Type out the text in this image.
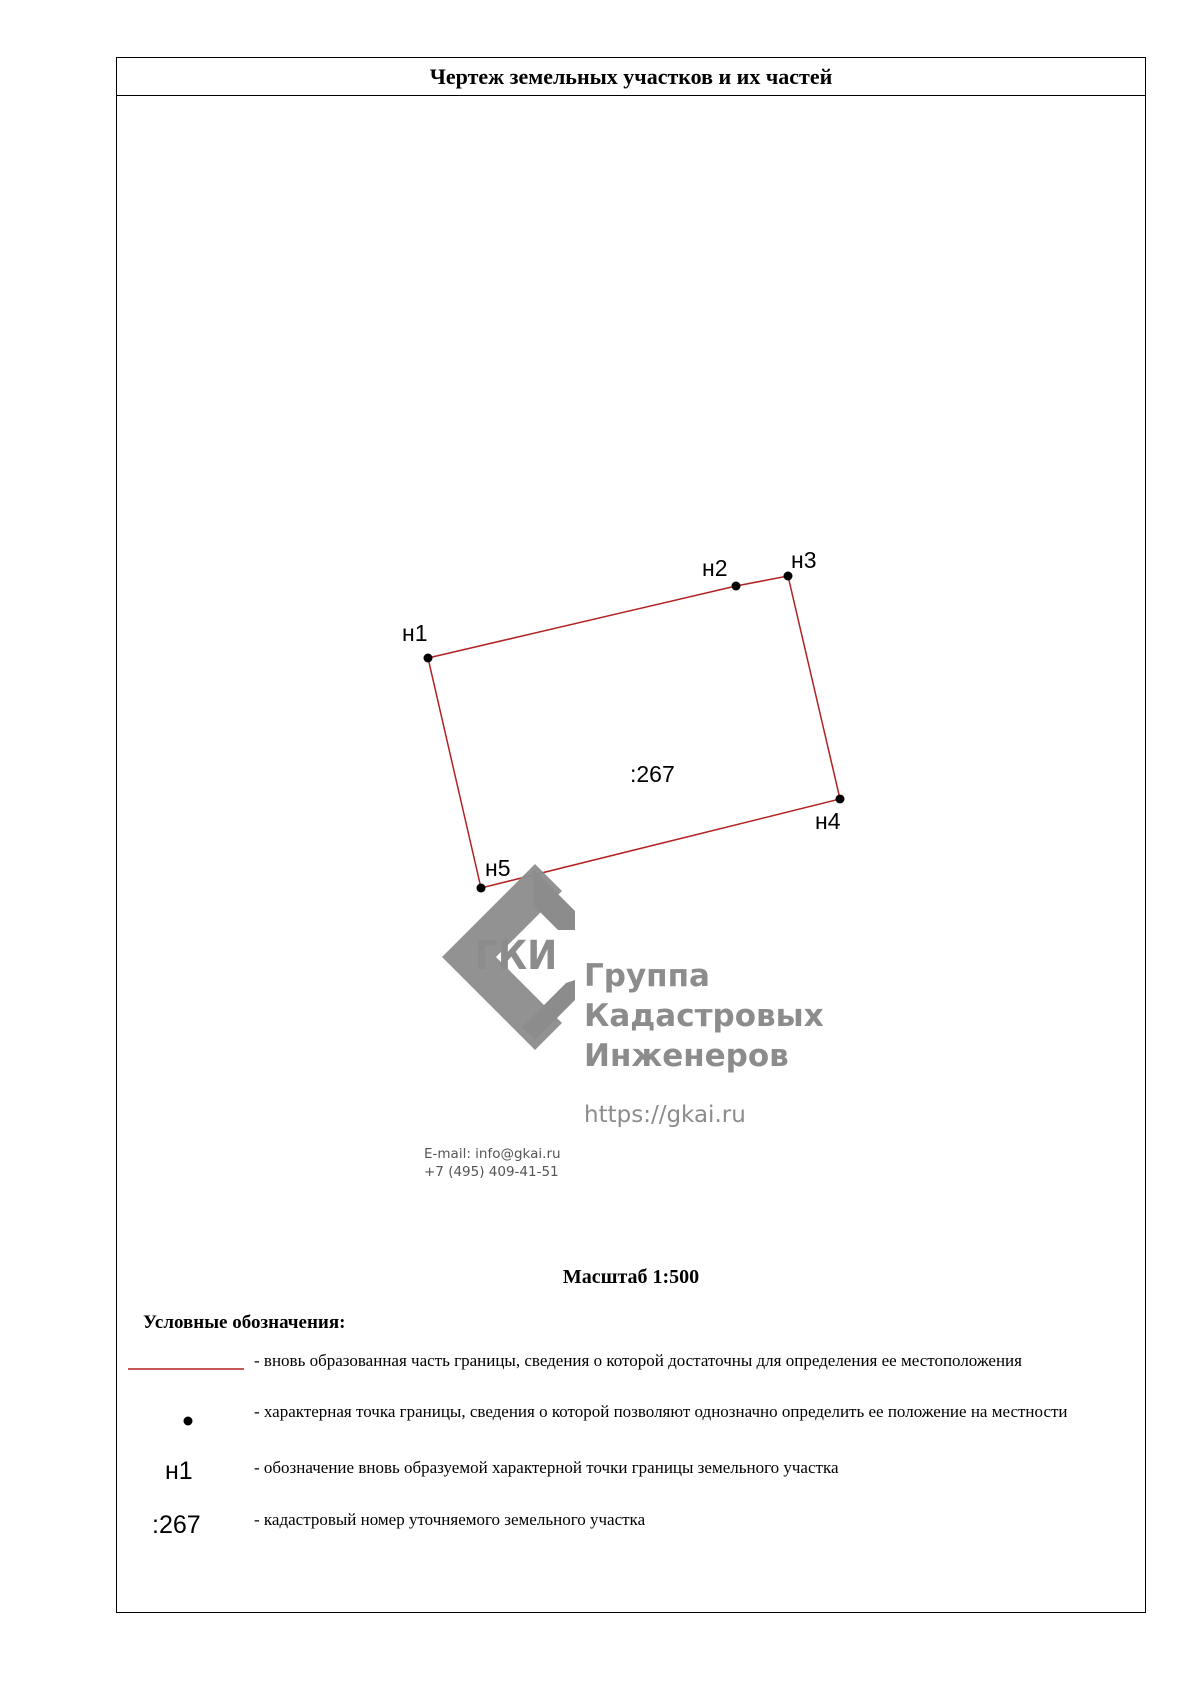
Чертеж земельных участков и их частей
н1
н2	н3
н4
н5
:267
ГКИ Группа
Кадастровых
Инженеров
https://gkai.ru
E-mail: info@gkai.ru
+7 (495) 409-41-51
Масштаб 1:500
Условные обозначения:
- вновь образованная часть границы, сведения о которой достаточны для определения ее местоположения
- характерная точка границы, сведения о которой позволяют однозначно определить ее положение на местности
н1	- обозначение вновь образуемой характерной точки границы земельного участка
:267	- кадастровый номер уточняемого земельного участка
